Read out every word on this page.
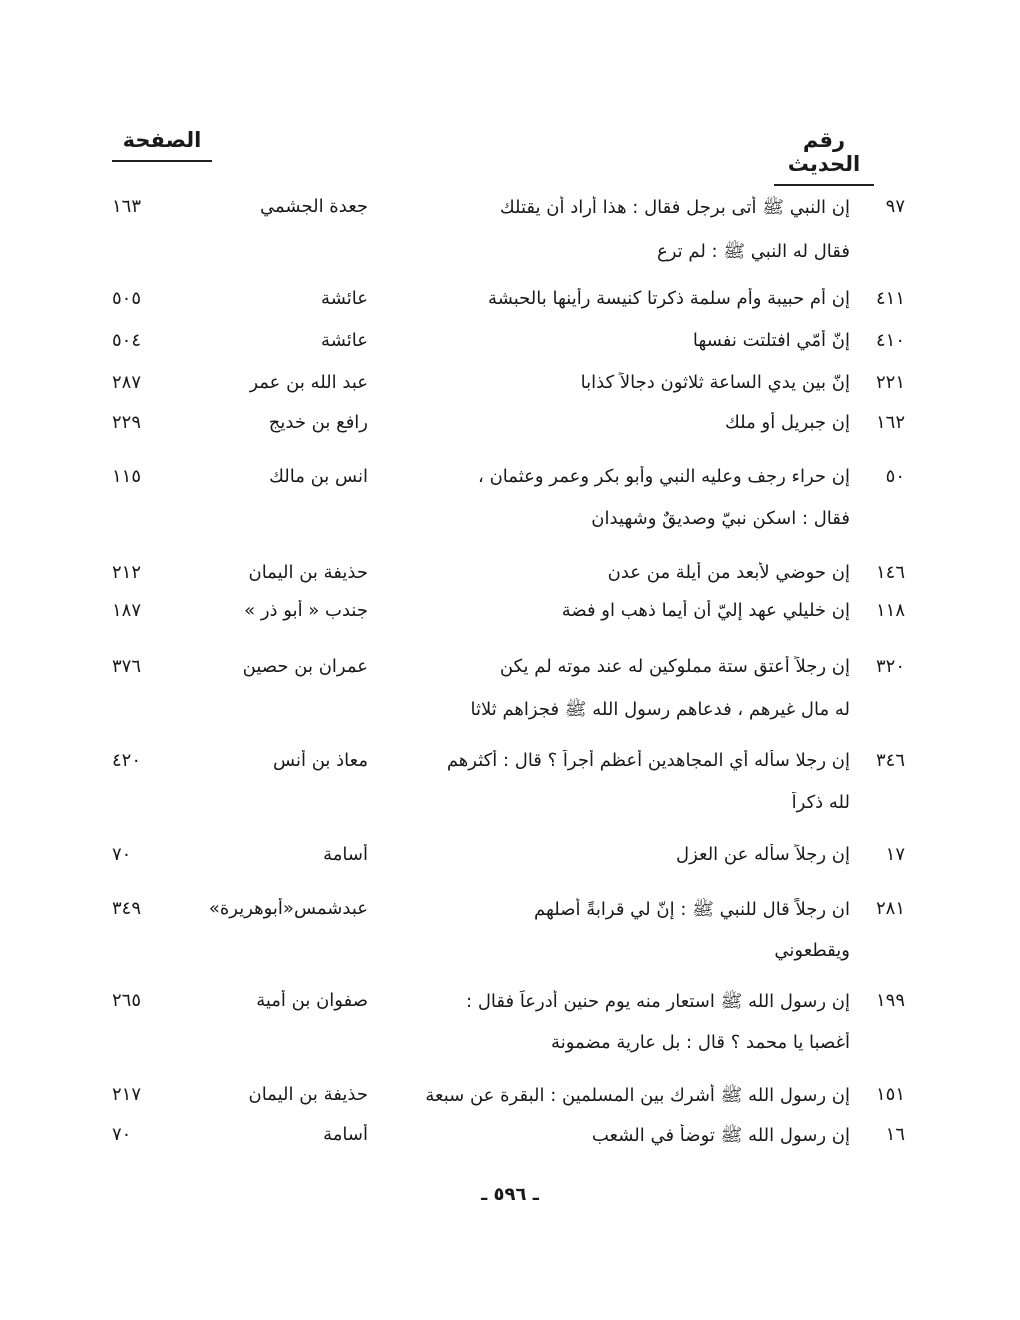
رقم الحديث
الصفحة
٩٧
إن النبي ﷺ أتى برجل فقال : هذا أراد أن يقتلك
جعدة الجشمي
١٦٣
فقال له النبي ﷺ : لم ترع
٤١١
إن أم حبيبة وأم سلمة ذكرتا كنيسة رأينها بالحبشة
عائشة
٥٠٥
٤١٠
إنّ أمّي افتلتت نفسها
عائشة
٥٠٤
٢٢١
إنّ بين يدي الساعة ثلاثون دجالاً كذابا
عبد الله بن عمر
٢٨٧
١٦٢
إن جبريل أو ملك
رافع بن خديج
٢٢٩
٥٠
إن حراء رجف وعليه النبي وأبو بكر وعمر وعثمان ،
انس بن مالك
١١٥
فقال : اسكن نبيّ وصديقٌ وشهيدان
١٤٦
إن حوضي لأبعد من أيلة من عدن
حذيفة بن اليمان
٢١٢
١١٨
إن خليلي عهد إليّ أن أيما ذهب او فضة
جندب « أبو ذر »
١٨٧
٣٢٠
إن رجلاً أعتق ستة مملوكين له عند موته لم يكن
عمران بن حصين
٣٧٦
له مال غيرهم ، فدعاهم رسول الله ﷺ فجزاهم ثلاثا
٣٤٦
إن رجلا سأله أي المجاهدين أعظم أجراً ؟ قال : أكثرهم
معاذ بن أنس
٤٢٠
لله ذكراً
١٧
إن رجلاً سأله عن العزل
أسامة
٧٠
٢٨١
ان رجلاً قال للنبي ﷺ : إنّ لي قرابةً أصلهم
عبدشمس«أبوهريرة»
٣٤٩
ويقطعوني
١٩٩
إن رسول الله ﷺ استعار منه يوم حنين أدرعاً فقال :
صفوان بن أمية
٢٦٥
أغصبا يا محمد ؟ قال : بل عارية مضمونة
١٥١
إن رسول الله ﷺ أشرك بين المسلمين : البقرة عن سبعة
حذيفة بن اليمان
٢١٧
١٦
إن رسول الله ﷺ توضأ في الشعب
أسامة
٧٠
ـ ٥٩٦ ـ
